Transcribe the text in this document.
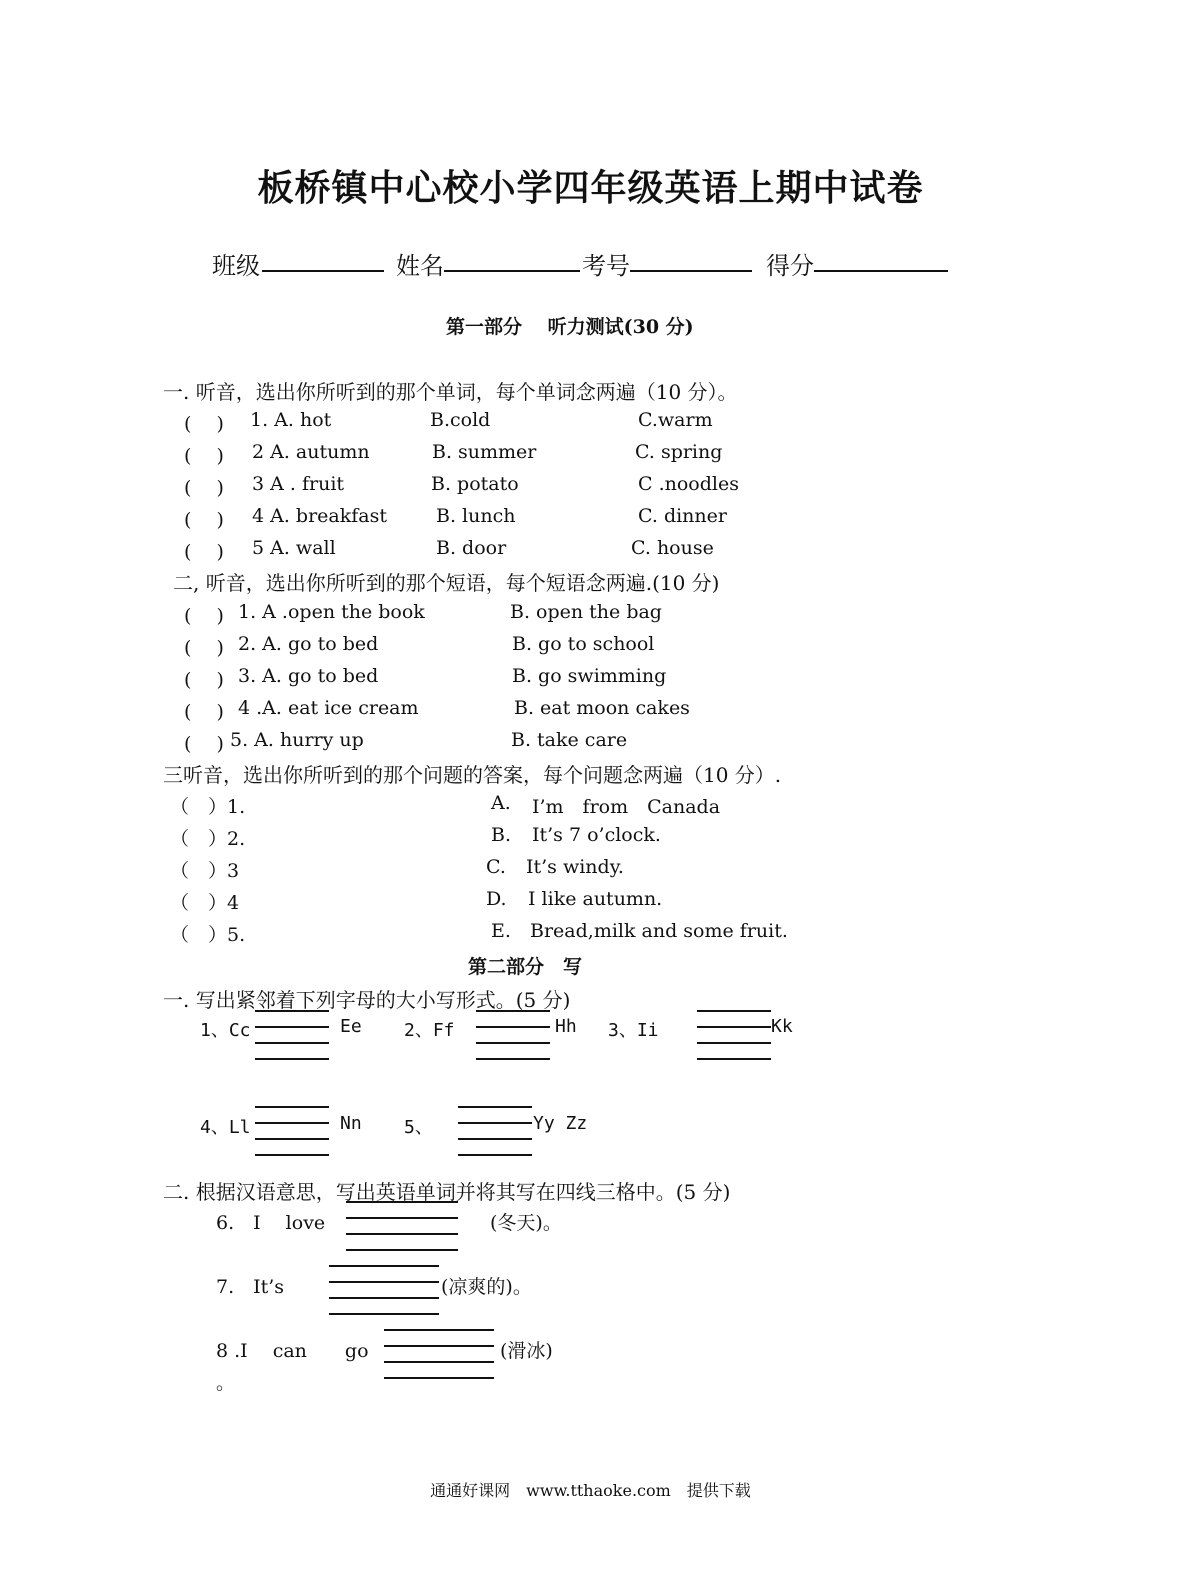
板桥镇中心校小学四年级英语上期中试卷
班级	姓名	考号	得分
第一部分　 听力测试(30 分)
一. 听音，选出你所听到的那个单词，每个单词念两遍（10 分）。
(　 ) 1. A. hot	B.cold	C.warm
(　 ) 2 A. autumn	B. summer	C. spring
(　 ) 3 A . fruit	B. potato	C .noodles
(　 ) 4 A. breakfast	B. lunch	C. dinner
(　 ) 5 A. wall	B. door	C. house
二, 听音，选出你所听到的那个短语，每个短语念两遍.(10 分)
(　 ) 1. A .open the book	B. open the bag
(　 ) 2. A. go to bed	B. go to school
(　 ) 3. A. go to bed	B. go swimming
(　 ) 4 .A. eat ice cream	B. eat moon cakes
(　 ) 5. A. hurry up	B. take care
三听音，选出你所听到的那个问题的答案，每个问题念两遍（10 分）.
（　）1.	A. I’m　from　Canada
（　）2.	B. It’s 7 o’clock.
（　）3	C. It’s windy.
（　）4	D. I like autumn.
（　）5.	E. Bread,milk and some fruit.
第二部分　写
一. 写出紧邻着下列字母的大小写形式。(5 分)
1、Cc	Ee 2、Ff	Hh 3、Ii	Kk
4、Ll	Nn 5、	Yy Zz
二. 根据汉语意思，写出英语单词并将其写在四线三格中。(5 分)
6.　I　 love	(冬天)。
7.　It’s	(凉爽的)。
8 .I　 can　　go	(滑冰)
。
通通好课网　www.tthaoke.com　提供下载
